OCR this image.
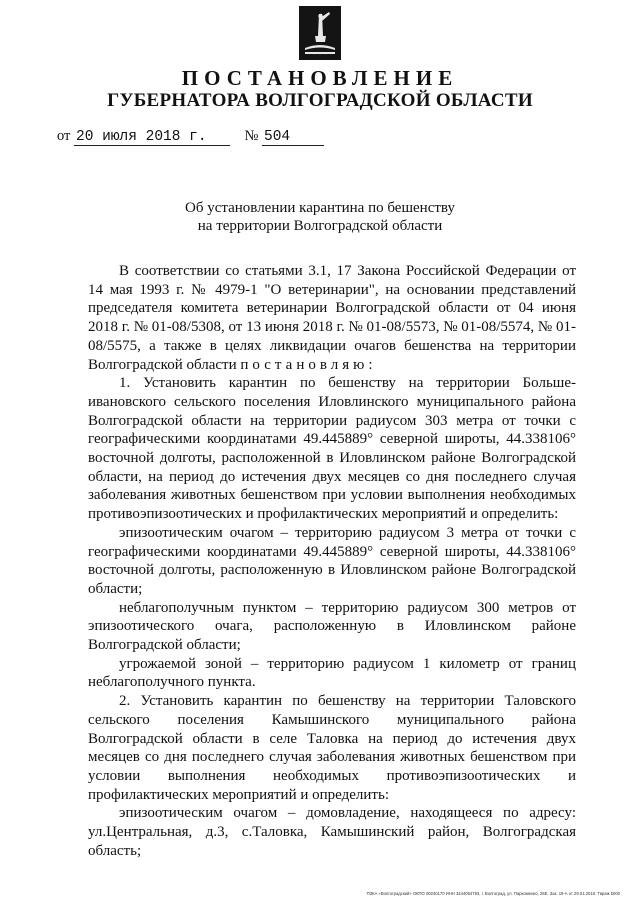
ПОСТАНОВЛЕНИЕ
ГУБЕРНАТОРА ВОЛГОГРАДСКОЙ ОБЛАСТИ
от 20 июля 2018 г.	№ 504
Об установлении карантина по бешенству
на территории Волгоградской области

В соответствии со статьями 3.1, 17 Закона Российской Федерации от 14 мая 1993 г. № 4979-1 "О ветеринарии", на основании представлений председателя комитета ветеринарии Волгоградской области от 04 июня 2018 г. № 01-08/5308, от 13 июня 2018 г. № 01-08/5573, № 01-08/5574, № 01-08/5575, а также в целях ликвидации очагов бешенства на территории Волгоградской области постановляю:

1. Установить карантин по бешенству на территории Больше-ивановского сельского поселения Иловлинского муниципального района Волгоградской области на территории радиусом 303 метра от точки с географическими координатами 49.445889° северной широты, 44.338106° восточной долготы, расположенной в Иловлинском районе Волгоградской области, на период до истечения двух месяцев со дня последнего случая заболевания животных бешенством при условии выполнения необходимых противоэпизоотических и профилактических мероприятий и определить:

эпизоотическим очагом – территорию радиусом 3 метра от точки с географическими координатами 49.445889° северной широты, 44.338106° восточной долготы, расположенную в Иловлинском районе Волгоградской области;

неблагополучным пунктом – территорию радиусом 300 метров от эпизоотического очага, расположенную в Иловлинском районе Волгоградской области;

угрожаемой зоной – территорию радиусом 1 километр от границ неблагополучного пункта.

2. Установить карантин по бешенству на территории Таловского сельского поселения Камышинского муниципального района Волгоградской области в селе Таловка на период до истечения двух месяцев со дня последнего случая заболевания животных бешенством при условии выполнения необходимых противоэпизоотических и профилактических мероприятий и определить:

эпизоотическим очагом – домовладение, находящееся по адресу: ул.Центральная, д.3, с.Таловка, Камышинский район, Волгоградская область;

ПЗКА «Волгоградский» ОКПО 00240170 ИНН 3444054793, г. Волгоград, ул. Пархоменко, 26Е. Зак. 19-А от 29.01.2018. Тираж 5000
